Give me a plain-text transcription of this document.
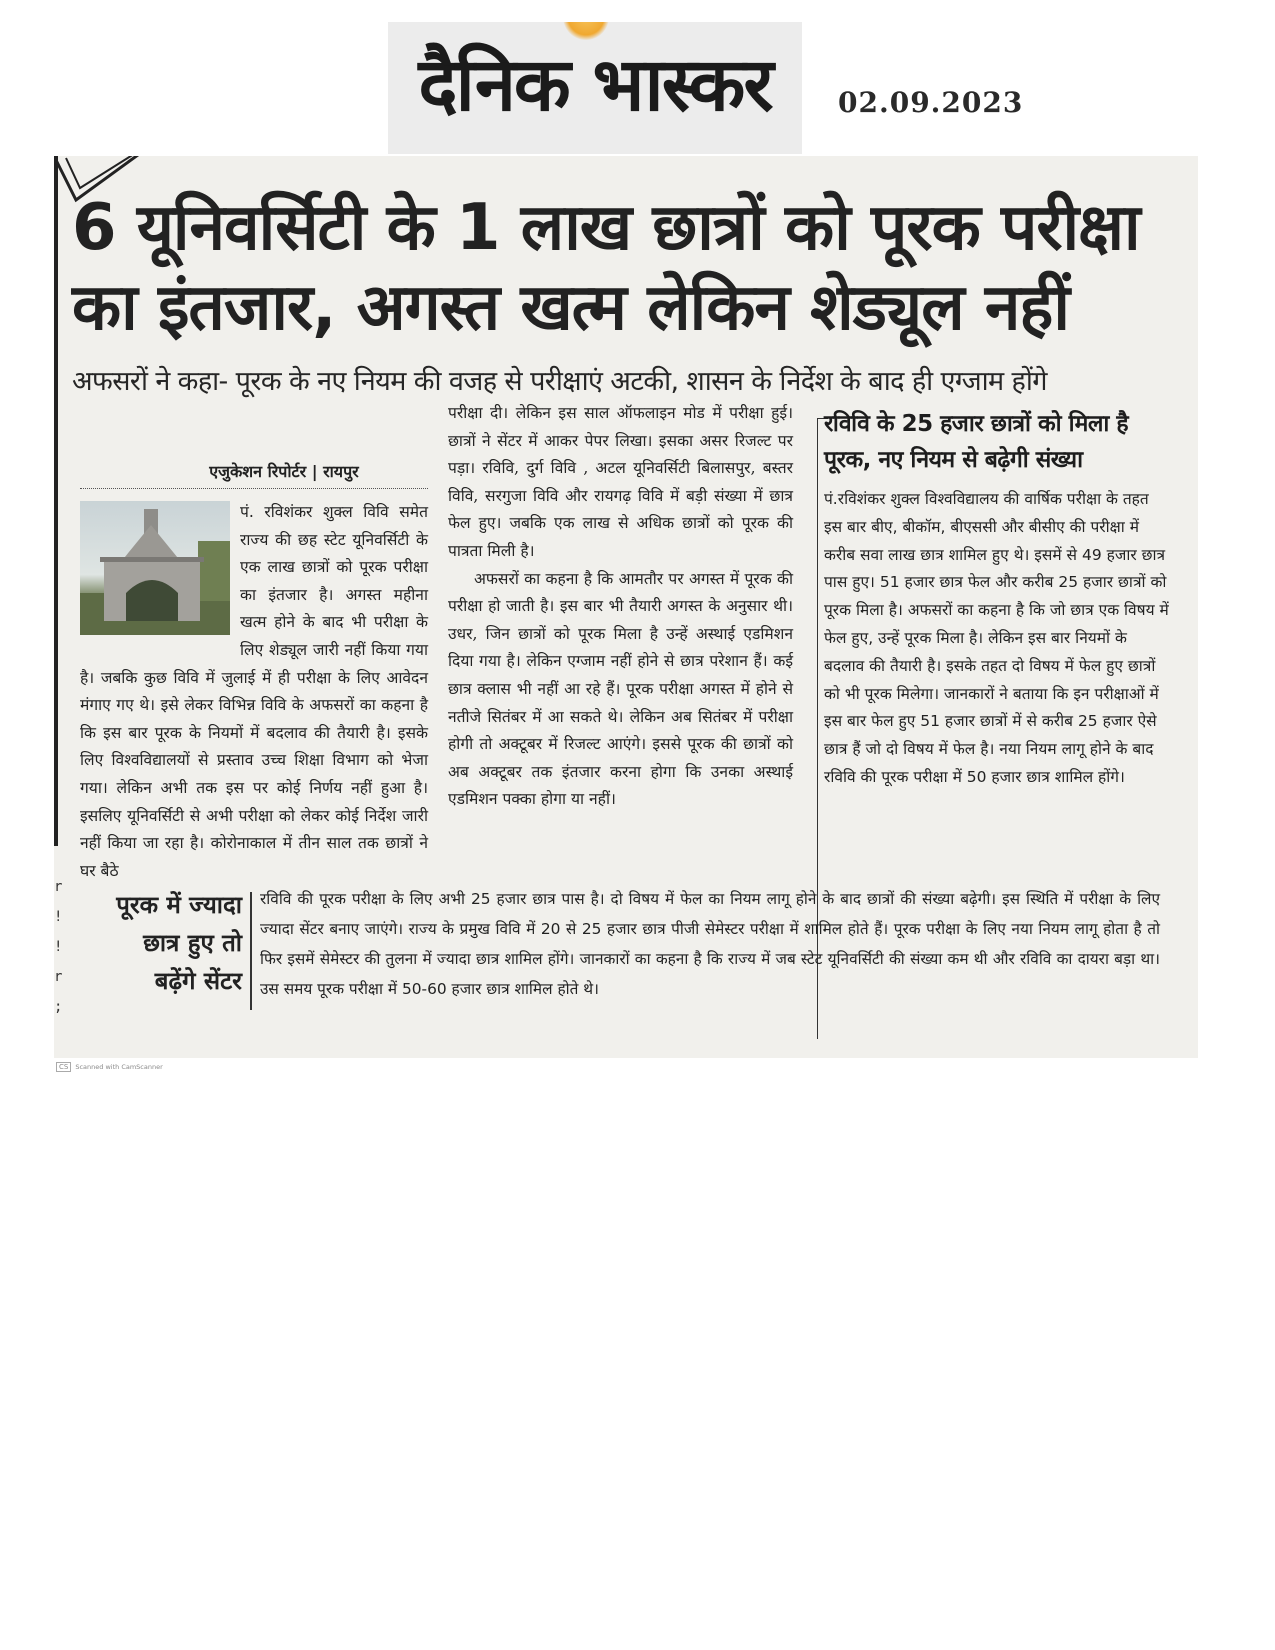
दैनिक भास्कर	02.09.2023
6 यूनिवर्सिटी के 1 लाख छात्रों को पूरक परीक्षा का इंतजार, अगस्त खत्म लेकिन शेड्यूल नहीं
अफसरों ने कहा- पूरक के नए नियम की वजह से परीक्षाएं अटकी, शासन के निर्देश के बाद ही एग्जाम होंगे
एजुकेशन रिपोर्टर | रायपुर

पं. रविशंकर शुक्ल विवि समेत राज्य की छह स्टेट यूनिवर्सिटी के एक लाख छात्रों को पूरक परीक्षा का इंतजार है। अगस्त महीना खत्म होने के बाद भी परीक्षा के लिए शेड्यूल जारी नहीं किया गया है। जबकि कुछ विवि में जुलाई में ही परीक्षा के लिए आवेदन मंगाए गए थे। इसे लेकर विभिन्न विवि के अफसरों का कहना है कि इस बार पूरक के नियमों में बदलाव की तैयारी है। इसके लिए विश्वविद्यालयों से प्रस्ताव उच्च शिक्षा विभाग को भेजा गया। लेकिन अभी तक इस पर कोई निर्णय नहीं हुआ है। इसलिए यूनिवर्सिटी से अभी परीक्षा को लेकर कोई निर्देश जारी नहीं किया जा रहा है। कोरोनाकाल में तीन साल तक छात्रों ने घर बैठे

परीक्षा दी। लेकिन इस साल ऑफलाइन मोड में परीक्षा हुई। छात्रों ने सेंटर में आकर पेपर लिखा। इसका असर रिजल्ट पर पड़ा। रविवि, दुर्ग विवि , अटल यूनिवर्सिटी बिलासपुर, बस्तर विवि, सरगुजा विवि और रायगढ़ विवि में बड़ी संख्या में छात्र फेल हुए। जबकि एक लाख से अधिक छात्रों को पूरक की पात्रता मिली है।

अफसरों का कहना है कि आमतौर पर अगस्त में पूरक की परीक्षा हो जाती है। इस बार भी तैयारी अगस्त के अनुसार थी। उधर, जिन छात्रों को पूरक मिला है उन्हें अस्थाई एडमिशन दिया गया है। लेकिन एग्जाम नहीं होने से छात्र परेशान हैं। कई छात्र क्लास भी नहीं आ रहे हैं। पूरक परीक्षा अगस्त में होने से नतीजे सितंबर में आ सकते थे। लेकिन अब सितंबर में परीक्षा होगी तो अक्टूबर में रिजल्ट आएंगे। इससे पूरक की छात्रों को अब अक्टूबर तक इंतजार करना होगा कि उनका अस्थाई एडमिशन पक्का होगा या नहीं।

रविवि के 25 हजार छात्रों को मिला है पूरक, नए नियम से बढ़ेगी संख्या

पं.रविशंकर शुक्ल विश्वविद्यालय की वार्षिक परीक्षा के तहत इस बार बीए, बीकॉम, बीएससी और बीसीए की परीक्षा में करीब सवा लाख छात्र शामिल हुए थे। इसमें से 49 हजार छात्र पास हुए। 51 हजार छात्र फेल और करीब 25 हजार छात्रों को पूरक मिला है। अफसरों का कहना है कि जो छात्र एक विषय में फेल हुए, उन्हें पूरक मिला है। लेकिन इस बार नियमों के बदलाव की तैयारी है। इसके तहत दो विषय में फेल हुए छात्रों को भी पूरक मिलेगा। जानकारों ने बताया कि इन परीक्षाओं में इस बार फेल हुए 51 हजार छात्रों में से करीब 25 हजार ऐसे छात्र हैं जो दो विषय में फेल है। नया नियम लागू होने के बाद रविवि की पूरक परीक्षा में 50 हजार छात्र शामिल होंगे।

r
!
!
r
;
पूरक में ज्यादा
छात्र हुए तो
बढ़ेंगे सेंटर
रविवि की पूरक परीक्षा के लिए अभी 25 हजार छात्र पास है। दो विषय में फेल का नियम लागू होने के बाद छात्रों की संख्या बढ़ेगी। इस स्थिति में परीक्षा के लिए ज्यादा सेंटर बनाए जाएंगे। राज्य के प्रमुख विवि में 20 से 25 हजार छात्र पीजी सेमेस्टर परीक्षा में शामिल होते हैं। पूरक परीक्षा के लिए नया नियम लागू होता है तो फिर इसमें सेमेस्टर की तुलना में ज्यादा छात्र शामिल होंगे। जानकारों का कहना है कि राज्य में जब स्टेट यूनिवर्सिटी की संख्या कम थी और रविवि का दायरा बड़ा था। उस समय पूरक परीक्षा में 50-60 हजार छात्र शामिल होते थे।
CS	Scanned with CamScanner
